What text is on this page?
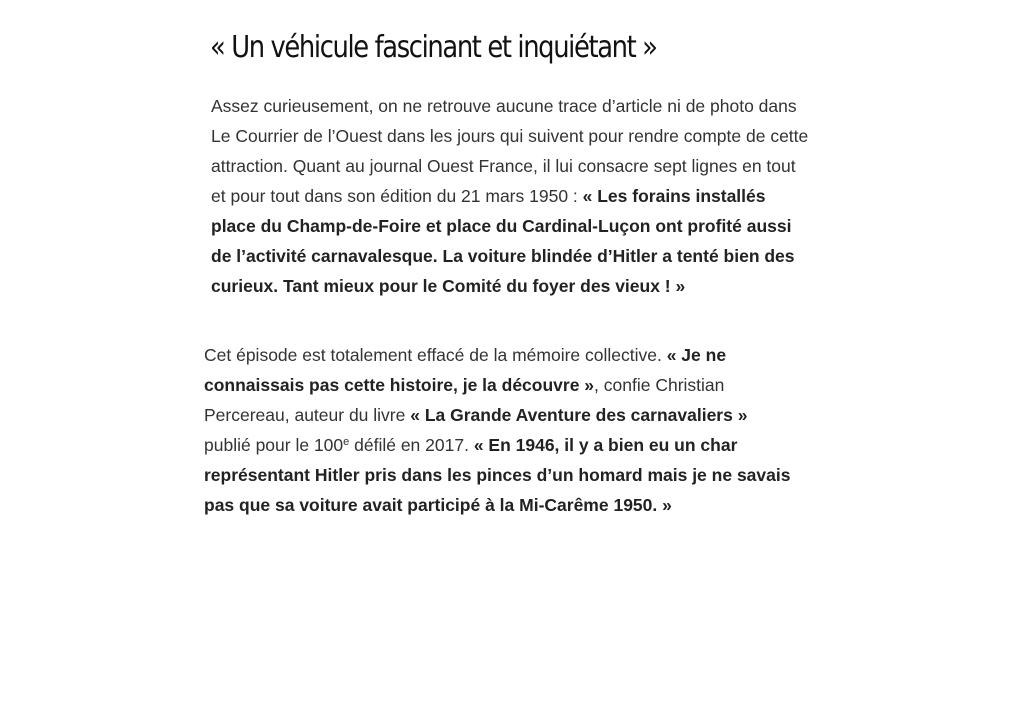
« Un véhicule fascinant et inquiétant »

Assez curieusement, on ne retrouve aucune trace d’article ni de photo dans
Le Courrier de l’Ouest dans les jours qui suivent pour rendre compte de cette
attraction. Quant au journal Ouest France, il lui consacre sept lignes en tout
et pour tout dans son édition du 21 mars 1950 : « Les forains installés
place du Champ-de-Foire et place du Cardinal-Luçon ont profité aussi
de l’activité carnavalesque. La voiture blindée d’Hitler a tenté bien des
curieux. Tant mieux pour le Comité du foyer des vieux ! »

Cet épisode est totalement effacé de la mémoire collective. « Je ne
connaissais pas cette histoire, je la découvre », confie Christian
Percereau, auteur du livre « La Grande Aventure des carnavaliers »
publié pour le 100e défilé en 2017. « En 1946, il y a bien eu un char
représentant Hitler pris dans les pinces d’un homard mais je ne savais
pas que sa voiture avait participé à la Mi-Carême 1950. »
